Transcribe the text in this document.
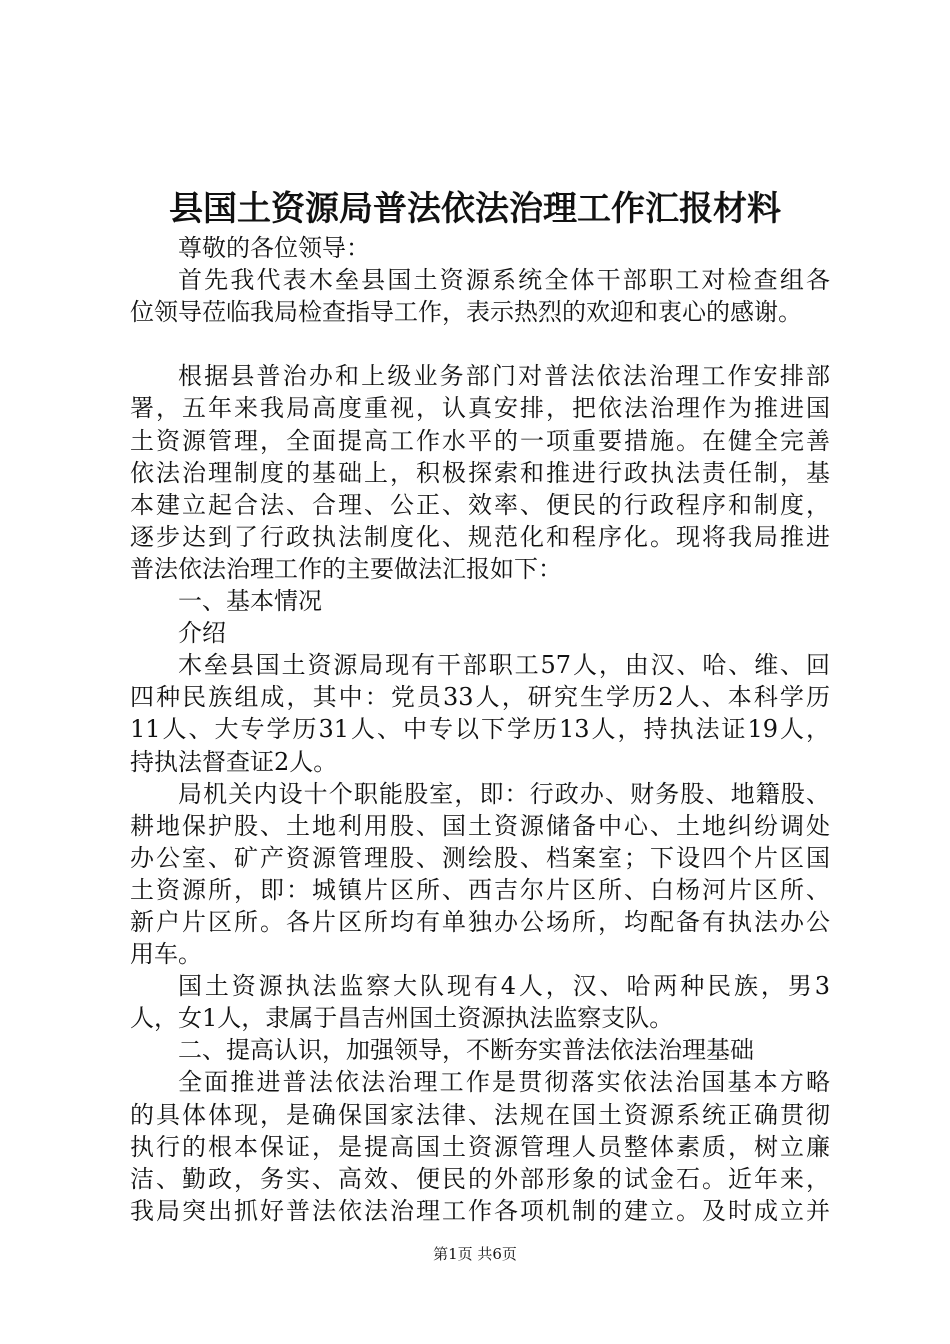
县国土资源局普法依法治理工作汇报材料
尊敬的各位领导：
首先我代表木垒县国土资源系统全体干部职工对检查组各
位领导莅临我局检查指导工作，表示热烈的欢迎和衷心的感谢。
根据县普治办和上级业务部门对普法依法治理工作安排部
署，五年来我局高度重视，认真安排，把依法治理作为推进国
土资源管理，全面提高工作水平的一项重要措施。在健全完善
依法治理制度的基础上，积极探索和推进行政执法责任制，基
本建立起合法、合理、公正、效率、便民的行政程序和制度，
逐步达到了行政执法制度化、规范化和程序化。现将我局推进
普法依法治理工作的主要做法汇报如下：
一、基本情况
介绍
木垒县国土资源局现有干部职工57人，由汉、哈、维、回
四种民族组成，其中：党员33人，研究生学历2人、本科学历
11人、大专学历31人、中专以下学历13人，持执法证19人，
持执法督查证2人。
局机关内设十个职能股室，即：行政办、财务股、地籍股、
耕地保护股、土地利用股、国土资源储备中心、土地纠纷调处
办公室、矿产资源管理股、测绘股、档案室；下设四个片区国
土资源所，即：城镇片区所、西吉尔片区所、白杨河片区所、
新户片区所。各片区所均有单独办公场所，均配备有执法办公
用车。
国土资源执法监察大队现有4人，汉、哈两种民族，男3
人，女1人，隶属于昌吉州国土资源执法监察支队。
二、提高认识，加强领导，不断夯实普法依法治理基础
全面推进普法依法治理工作是贯彻落实依法治国基本方略
的具体体现，是确保国家法律、法规在国土资源系统正确贯彻
执行的根本保证，是提高国土资源管理人员整体素质，树立廉
洁、勤政，务实、高效、便民的外部形象的试金石。近年来，
我局突出抓好普法依法治理工作各项机制的建立。及时成立并
第1页 共6页
